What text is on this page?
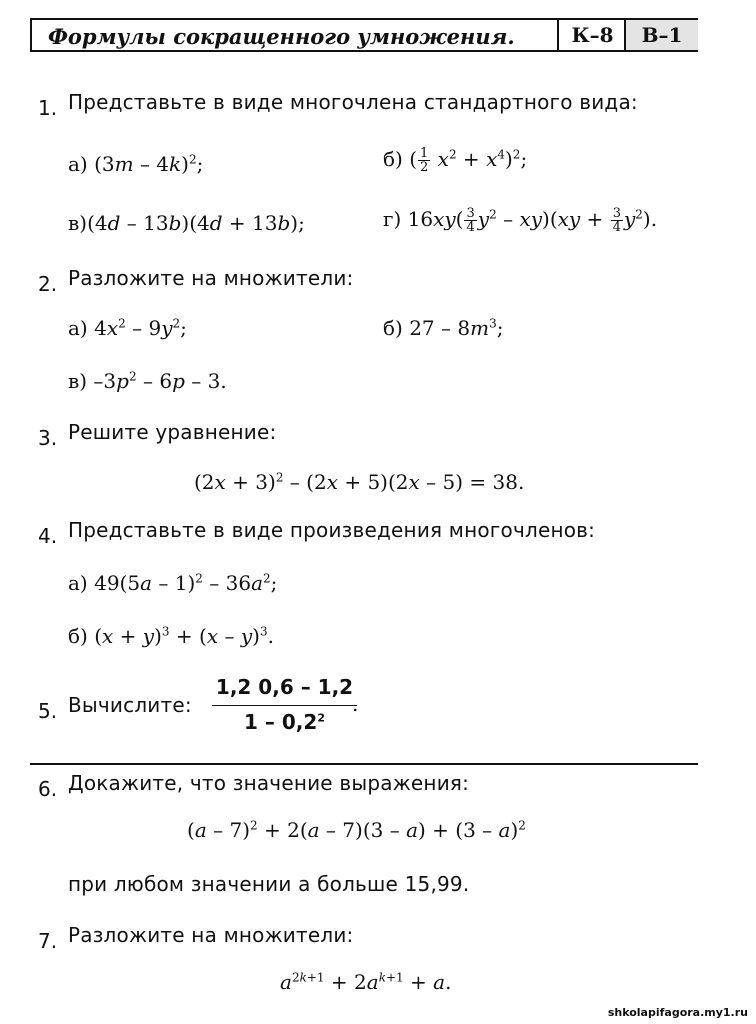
Формулы сокращенного умножения.	К–8	В–1
1. Представьте в виде многочлена стандартного вида:
а) (3m – 4k)$^2$;	б) ( $\frac{1}{2} x^2 + x^4)^2$;
в)(4d – 13b)(4d + 13b);	г) $16xy( \frac{3}{4} y^2 - xy)(xy + \frac{3}{4} y^2)$.
2. Разложите на множители:
а) $4x^2 - 9y^2$;	б) $27 - 8m^3$;
в) $-3p^2 - 6p - 3$.
3. Решите уравнение:
$(2x + 3)^2 - (2x + 5)(2x - 5) = 38$.
4. Представьте в виде произведения многочленов:
а) $49(5a - 1)^2 - 36a^2$;
б) $(x + y)^3 + (x - y)^3$.
5. Вычислите: $\frac{1,2 0,6 - 1,2}{1 - 0,2^2}$
.
6. Докажите, что значение выражения:
(a – 7)$^2$ + 2(a – 7)(3 – a) + (3 – a)$^2$
при любом значении a больше 15,99.
7. Разложите на множители:
$a^{2k+1} + 2a^{k+1} + a$.
shkolapifagora.my1.ru
